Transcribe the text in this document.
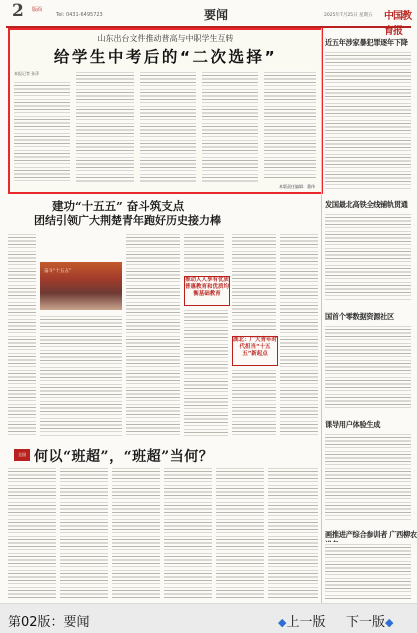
2 版面
Tel: 0431-6495723	要闻	2025年7月25日 星期五 中国教育报
山东出台文件推动普高与中职学生互转
给学生中考后的“二次选择”
本报记者 孙萍
本版责任编辑：董伟
近五年涉家暴犯罪逐年下降
发国最北高铁全线铺轨贯通
国首个零数据资源社区
课导用户体验生成
画推进产综合参训者 广西柳农
建功“十五五” 奋斗筑支点
团结引领广大荆楚青年跑好历史接力棒
奋斗“十五五”
推动人人享有优质普惠教育和优质均衡基础教育
湖北：广大青年时代担当“十五五”新起点
全国 何以“班超”，“班超”当何？
第02版：要闻	◆上一版 下一版◆
